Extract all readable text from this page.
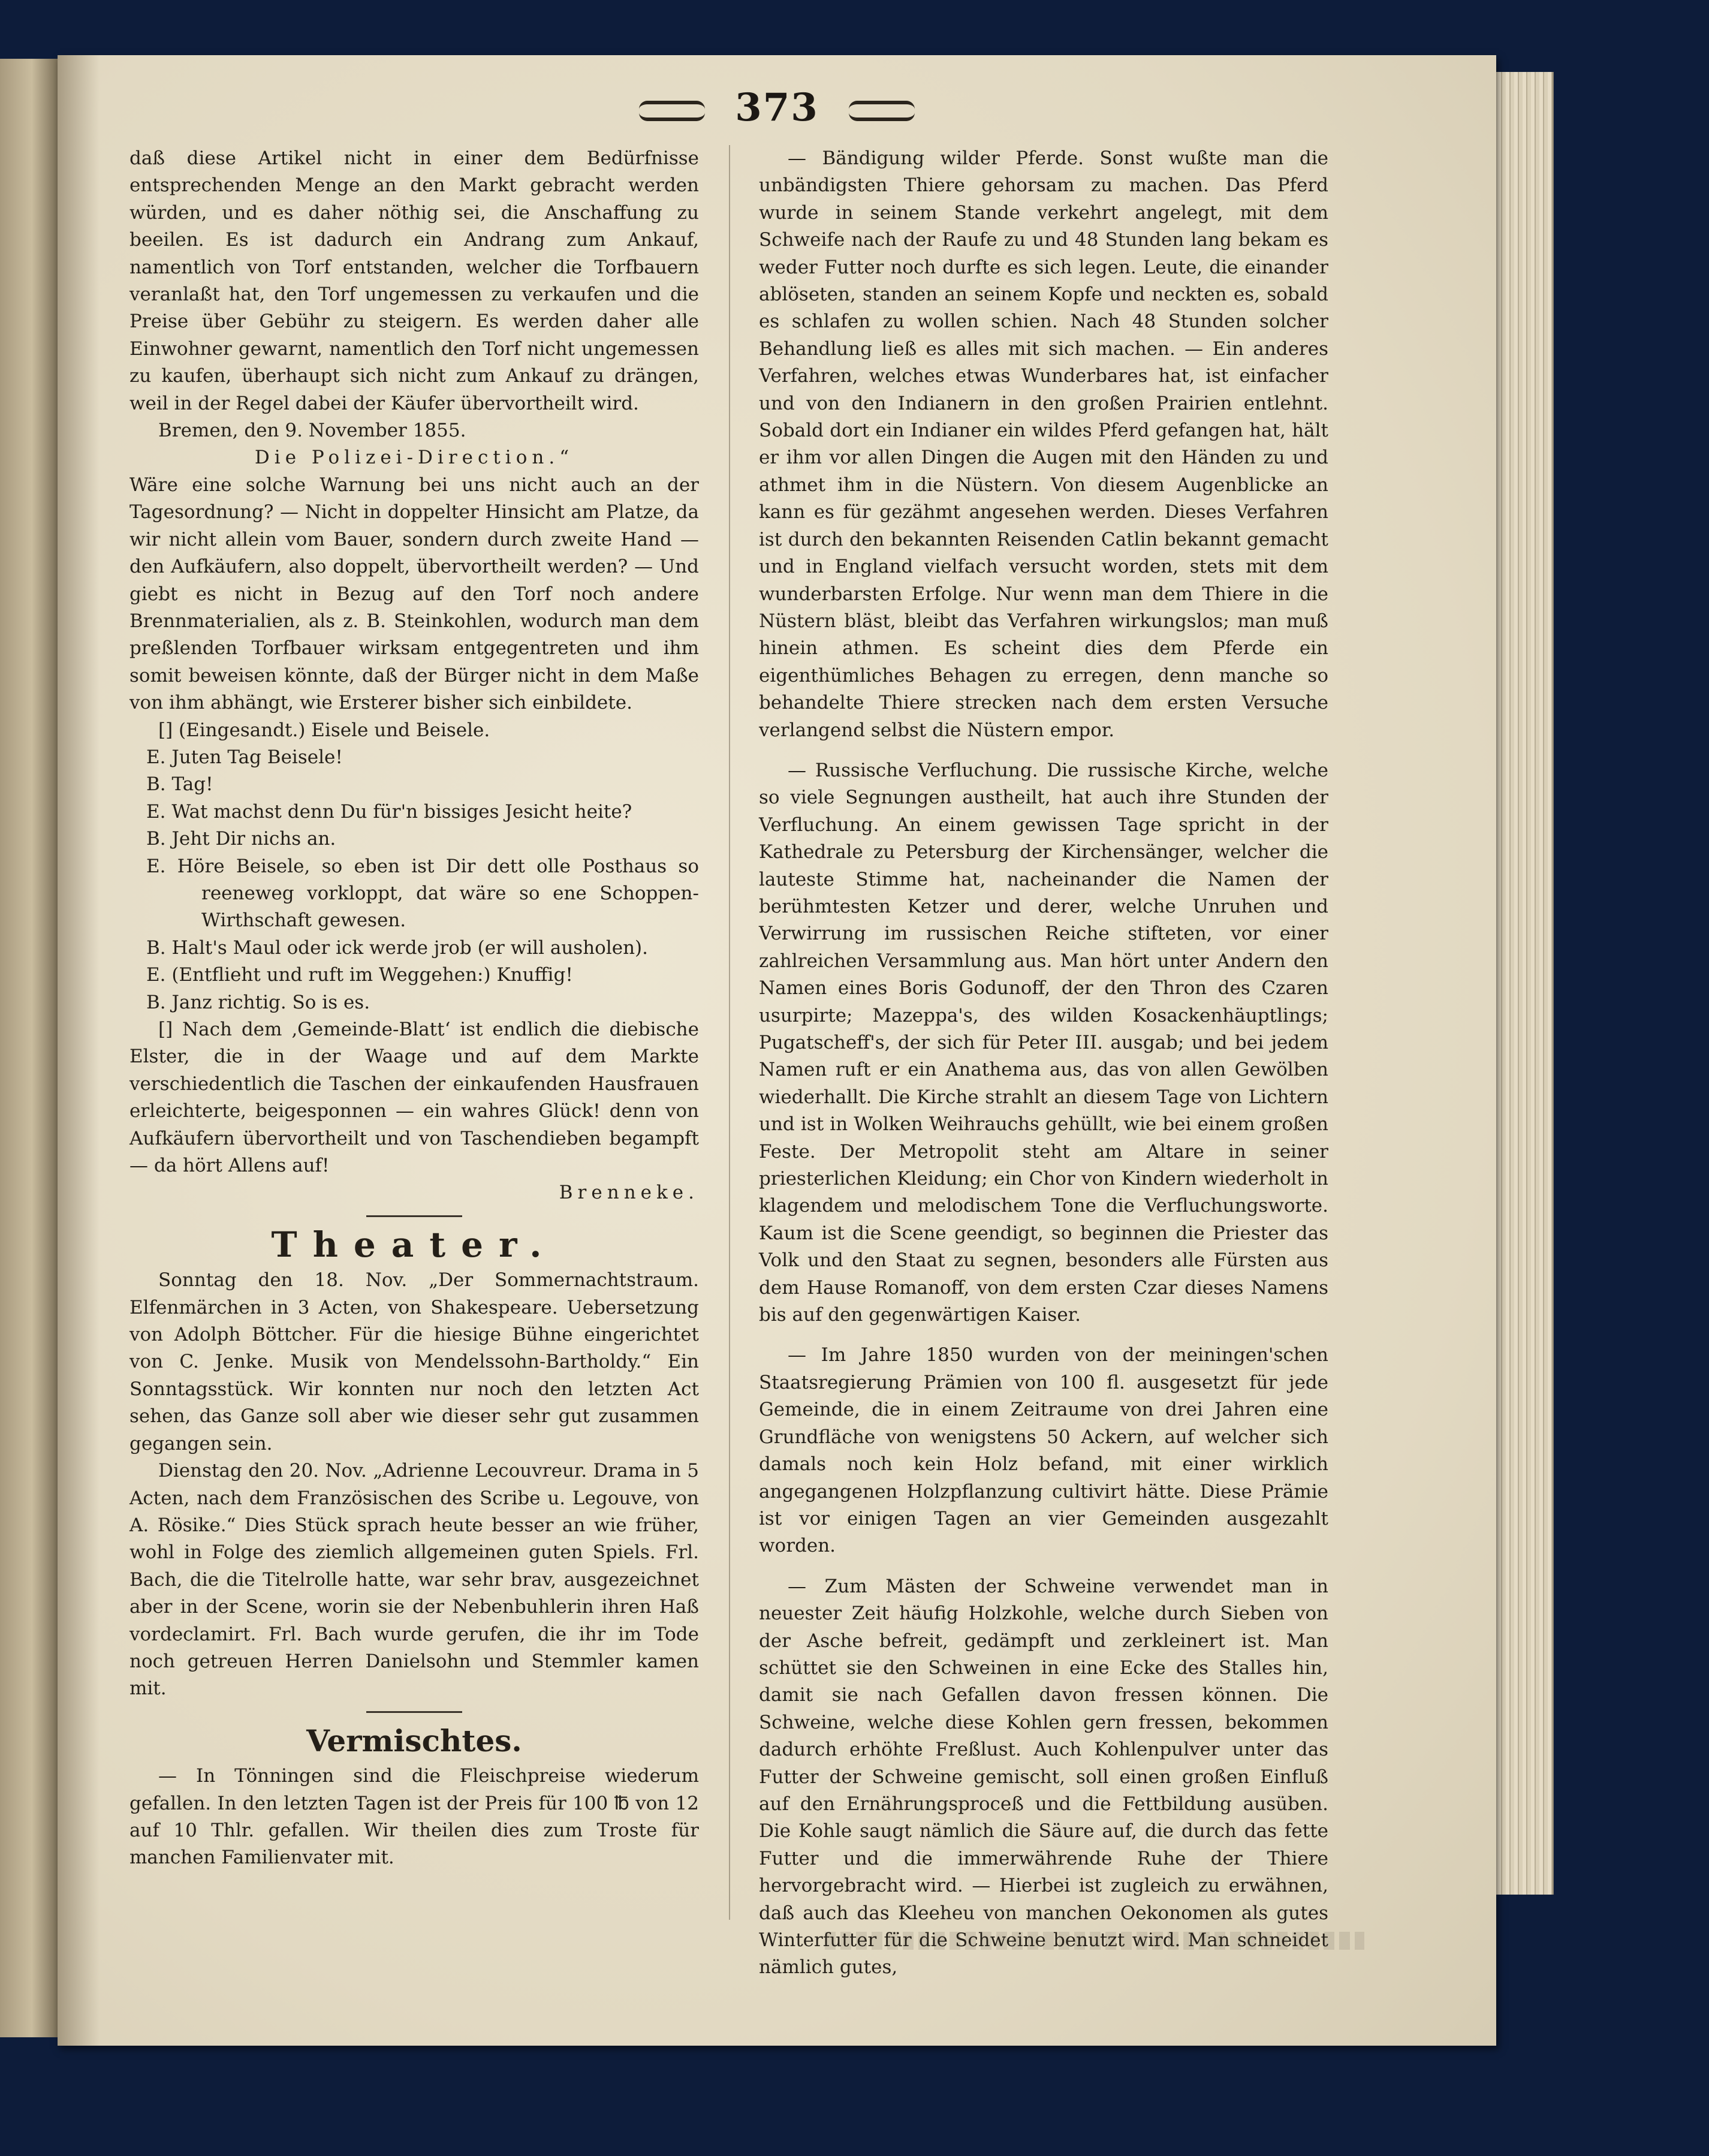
373

daß diese Artikel nicht in einer dem Bedürfnisse entsprechenden Menge an den Markt gebracht werden würden, und es daher nöthig sei, die Anschaffung zu beeilen. Es ist dadurch ein Andrang zum Ankauf, namentlich von Torf entstanden, welcher die Torfbauern veranlaßt hat, den Torf ungemessen zu verkaufen und die Preise über Gebühr zu steigern. Es werden daher alle Einwohner gewarnt, namentlich den Torf nicht ungemessen zu kaufen, überhaupt sich nicht zum Ankauf zu drängen, weil in der Regel dabei der Käufer übervortheilt wird.

Bremen, den 9. November 1855.

Die Polizei-Direction.“

Wäre eine solche Warnung bei uns nicht auch an der Tagesordnung? — Nicht in doppelter Hinsicht am Platze, da wir nicht allein vom Bauer, sondern durch zweite Hand — den Aufkäufern, also doppelt, übervortheilt werden? — Und giebt es nicht in Bezug auf den Torf noch andere Brennmaterialien, als z. B. Steinkohlen, wodurch man dem preßlenden Torfbauer wirksam entgegentreten und ihm somit beweisen könnte, daß der Bürger nicht in dem Maße von ihm abhängt, wie Ersterer bisher sich einbildete.

[] (Eingesandt.) Eisele und Beisele.

E. Juten Tag Beisele!

B. Tag!

E. Wat machst denn Du für'n bissiges Jesicht heite?

B. Jeht Dir nichs an.

E. Höre Beisele, so eben ist Dir dett olle Posthaus so reeneweg vorkloppt, dat wäre so ene Schoppen-Wirthschaft gewesen.

B. Halt's Maul oder ick werde jrob (er will ausholen).

E. (Entflieht und ruft im Weggehen:) Knuffig!

B. Janz richtig. So is es.

[] Nach dem ‚Gemeinde-Blatt‘ ist endlich die diebische Elster, die in der Waage und auf dem Markte verschiedentlich die Taschen der einkaufenden Hausfrauen erleichterte, beigesponnen — ein wahres Glück! denn von Aufkäufern übervortheilt und von Taschendieben begampft — da hört Allens auf!

Brenneke.

Theater.

Sonntag den 18. Nov. „Der Sommernachtstraum. Elfenmärchen in 3 Acten, von Shakespeare. Uebersetzung von Adolph Böttcher. Für die hiesige Bühne eingerichtet von C. Jenke. Musik von Mendelssohn-Bartholdy.“ Ein Sonntagsstück. Wir konnten nur noch den letzten Act sehen, das Ganze soll aber wie dieser sehr gut zusammen gegangen sein.

Dienstag den 20. Nov. „Adrienne Lecouvreur. Drama in 5 Acten, nach dem Französischen des Scribe u. Legouve, von A. Rösike.“ Dies Stück sprach heute besser an wie früher, wohl in Folge des ziemlich allgemeinen guten Spiels. Frl. Bach, die die Titelrolle hatte, war sehr brav, ausgezeichnet aber in der Scene, worin sie der Nebenbuhlerin ihren Haß vordeclamirt. Frl. Bach wurde gerufen, die ihr im Tode noch getreuen Herren Danielsohn und Stemmler kamen mit.

Vermischtes.

— In Tönningen sind die Fleischpreise wiederum gefallen. In den letzten Tagen ist der Preis für 100 ℔ von 12 auf 10 Thlr. gefallen. Wir theilen dies zum Troste für manchen Familienvater mit.

— Bändigung wilder Pferde. Sonst wußte man die unbändigsten Thiere gehorsam zu machen. Das Pferd wurde in seinem Stande verkehrt angelegt, mit dem Schweife nach der Raufe zu und 48 Stunden lang bekam es weder Futter noch durfte es sich legen. Leute, die einander ablöseten, standen an seinem Kopfe und neckten es, sobald es schlafen zu wollen schien. Nach 48 Stunden solcher Behandlung ließ es alles mit sich machen. — Ein anderes Verfahren, welches etwas Wunderbares hat, ist einfacher und von den Indianern in den großen Prairien entlehnt. Sobald dort ein Indianer ein wildes Pferd gefangen hat, hält er ihm vor allen Dingen die Augen mit den Händen zu und athmet ihm in die Nüstern. Von diesem Augenblicke an kann es für gezähmt angesehen werden. Dieses Verfahren ist durch den bekannten Reisenden Catlin bekannt gemacht und in England vielfach versucht worden, stets mit dem wunderbarsten Erfolge. Nur wenn man dem Thiere in die Nüstern bläst, bleibt das Verfahren wirkungslos; man muß hinein athmen. Es scheint dies dem Pferde ein eigenthümliches Behagen zu erregen, denn manche so behandelte Thiere strecken nach dem ersten Versuche verlangend selbst die Nüstern empor.

— Russische Verfluchung. Die russische Kirche, welche so viele Segnungen austheilt, hat auch ihre Stunden der Verfluchung. An einem gewissen Tage spricht in der Kathedrale zu Petersburg der Kirchensänger, welcher die lauteste Stimme hat, nacheinander die Namen der berühmtesten Ketzer und derer, welche Unruhen und Verwirrung im russischen Reiche stifteten, vor einer zahlreichen Versammlung aus. Man hört unter Andern den Namen eines Boris Godunoff, der den Thron des Czaren usurpirte; Mazeppa's, des wilden Kosackenhäuptlings; Pugatscheff's, der sich für Peter III. ausgab; und bei jedem Namen ruft er ein Anathema aus, das von allen Gewölben wiederhallt. Die Kirche strahlt an diesem Tage von Lichtern und ist in Wolken Weihrauchs gehüllt, wie bei einem großen Feste. Der Metropolit steht am Altare in seiner priesterlichen Kleidung; ein Chor von Kindern wiederholt in klagendem und melodischem Tone die Verfluchungsworte. Kaum ist die Scene geendigt, so beginnen die Priester das Volk und den Staat zu segnen, besonders alle Fürsten aus dem Hause Romanoff, von dem ersten Czar dieses Namens bis auf den gegenwärtigen Kaiser.

— Im Jahre 1850 wurden von der meiningen'schen Staatsregierung Prämien von 100 fl. ausgesetzt für jede Gemeinde, die in einem Zeitraume von drei Jahren eine Grundfläche von wenigstens 50 Ackern, auf welcher sich damals noch kein Holz befand, mit einer wirklich angegangenen Holzpflanzung cultivirt hätte. Diese Prämie ist vor einigen Tagen an vier Gemeinden ausgezahlt worden.

— Zum Mästen der Schweine verwendet man in neuester Zeit häufig Holzkohle, welche durch Sieben von der Asche befreit, gedämpft und zerkleinert ist. Man schüttet sie den Schweinen in eine Ecke des Stalles hin, damit sie nach Gefallen davon fressen können. Die Schweine, welche diese Kohlen gern fressen, bekommen dadurch erhöhte Freßlust. Auch Kohlenpulver unter das Futter der Schweine gemischt, soll einen großen Einfluß auf den Ernährungsproceß und die Fettbildung ausüben. Die Kohle saugt nämlich die Säure auf, die durch das fette Futter und die immerwährende Ruhe der Thiere hervorgebracht wird. — Hierbei ist zugleich zu erwähnen, daß auch das Kleeheu von manchen Oekonomen als gutes Winterfutter für die Schweine benutzt wird. Man schneidet nämlich gutes,
